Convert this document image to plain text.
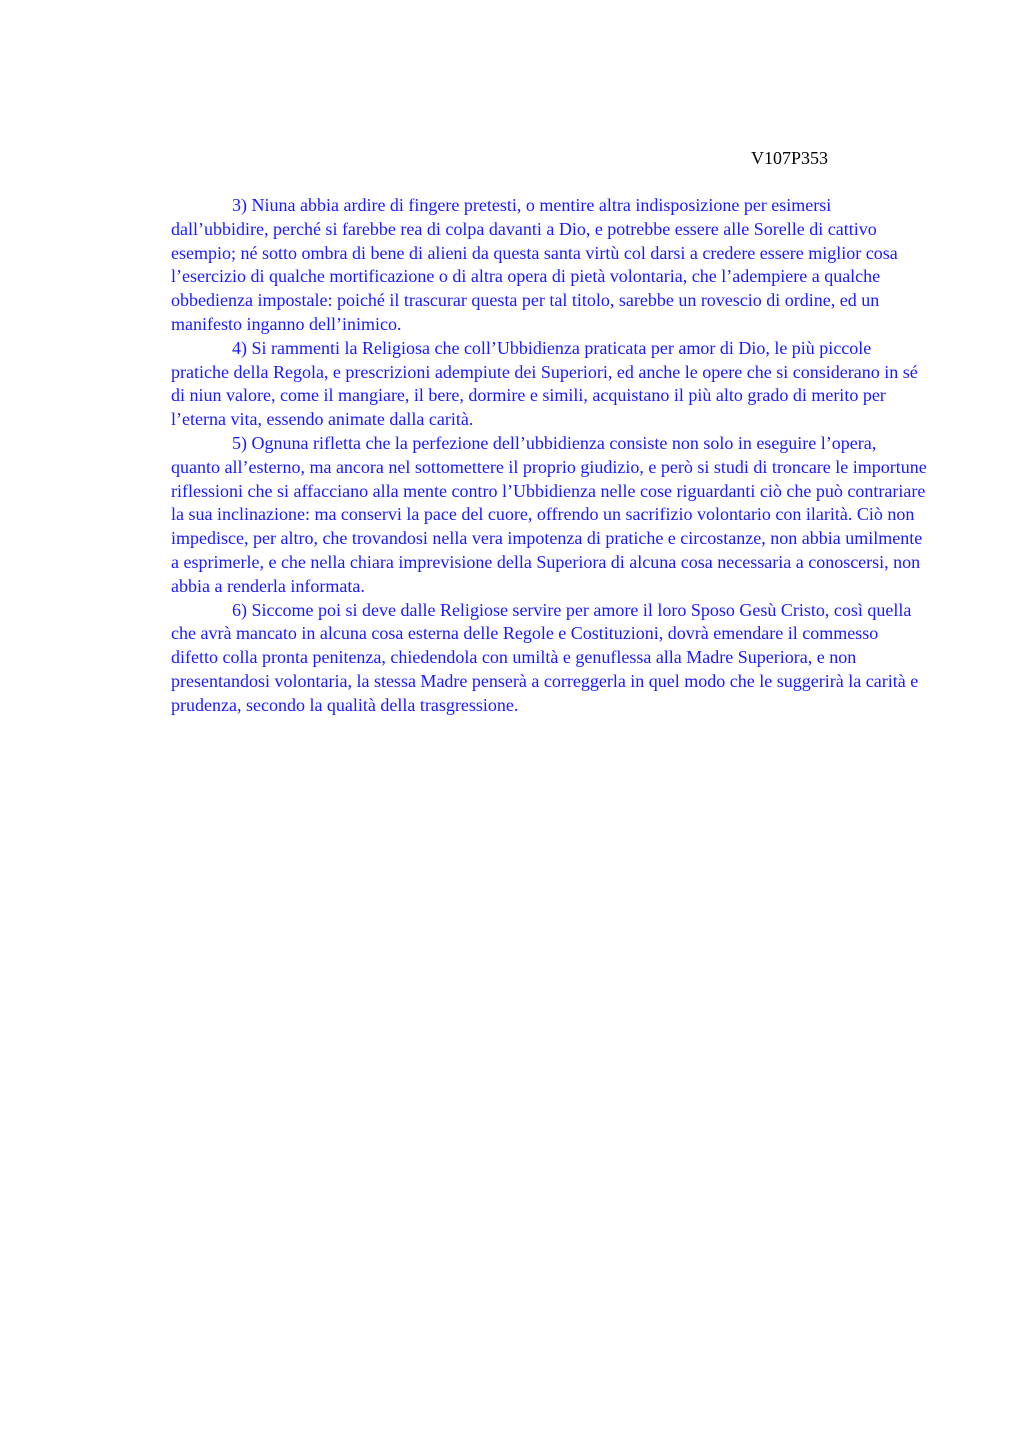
V107P353

3) Niuna abbia ardire di fingere pretesti, o mentire altra indisposizione per esimersi dall’ubbidire, perché si farebbe rea di colpa davanti a Dio, e potrebbe essere alle Sorelle di cattivo esempio; né sotto ombra di bene di alieni da questa santa virtù col darsi a credere essere miglior cosa l’esercizio di qualche mortificazione o di altra opera di pietà volontaria, che l’adempiere a qualche obbedienza impostale: poiché il trascurar questa per tal titolo, sarebbe un rovescio di ordine, ed un manifesto inganno dell’inimico.

4) Si rammenti la Religiosa che coll’Ubbidienza praticata per amor di Dio, le più piccole pratiche della Regola, e prescrizioni adempiute dei Superiori, ed anche le opere che si considerano in sé di niun valore, come il mangiare, il bere, dormire e simili, acquistano il più alto grado di merito per l’eterna vita, essendo animate dalla carità.

5) Ognuna rifletta che la perfezione dell’ubbidienza consiste non solo in eseguire l’opera, quanto all’esterno, ma ancora nel sottomettere il proprio giudizio, e però si studi di troncare le importune riflessioni che si affacciano alla mente contro l’Ubbidienza nelle cose riguardanti ciò che può contrariare la sua inclinazione: ma conservi la pace del cuore, offrendo un sacrifizio volontario con ilarità. Ciò non impedisce, per altro, che trovandosi nella vera impotenza di pratiche e circostanze, non abbia umilmente a esprimerle, e che nella chiara imprevisione della Superiora di alcuna cosa necessaria a conoscersi, non abbia a renderla informata.

6) Siccome poi si deve dalle Religiose servire per amore il loro Sposo Gesù Cristo, così quella che avrà mancato in alcuna cosa esterna delle Regole e Costituzioni, dovrà emendare il commesso difetto colla pronta penitenza, chiedendola con umiltà e genuflessa alla Madre Superiora, e non presentandosi volontaria, la stessa Madre penserà a correggerla in quel modo che le suggerirà la carità e prudenza, secondo la qualità della trasgressione.
